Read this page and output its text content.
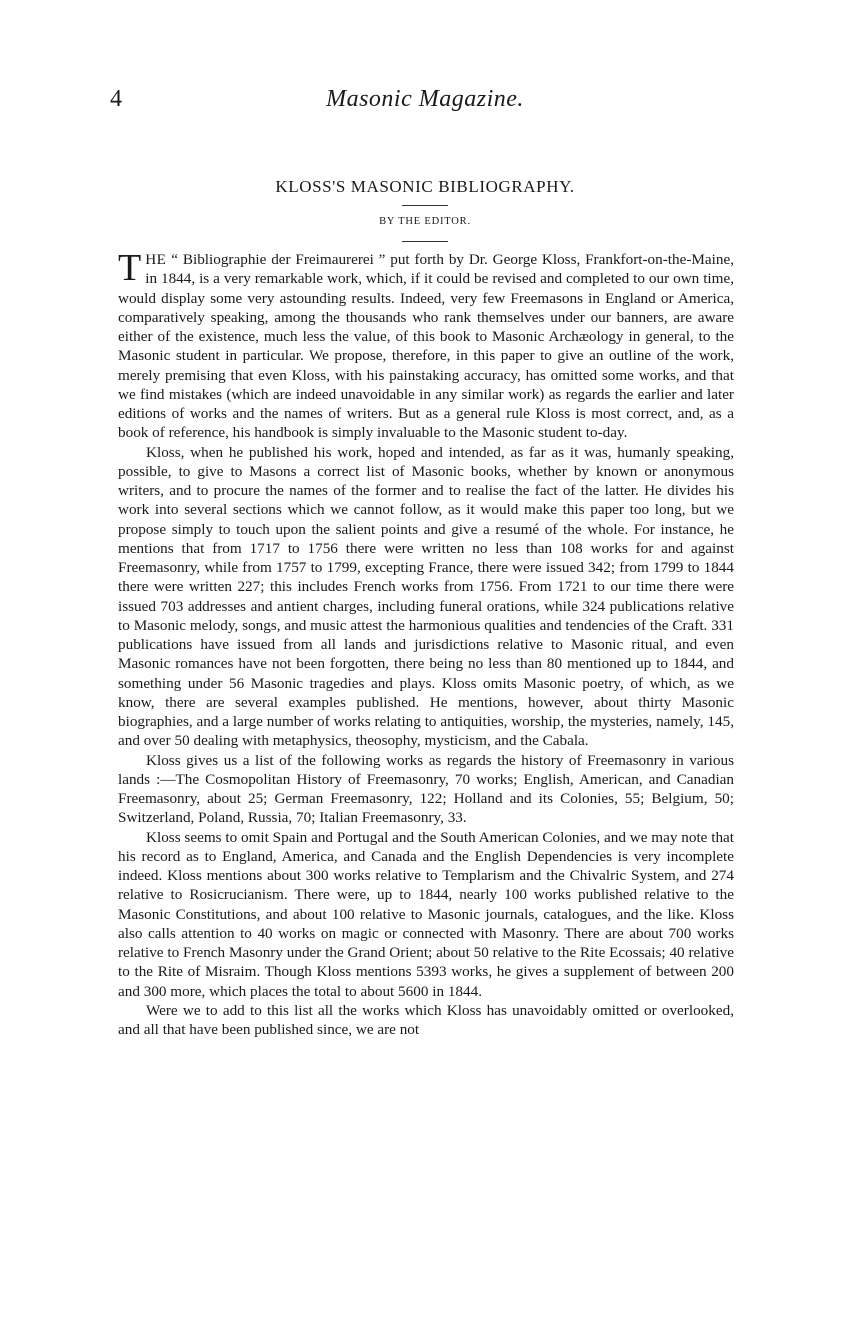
4	Masonic Magazine.
KLOSS'S MASONIC BIBLIOGRAPHY.
BY THE EDITOR.

THE “ Bibliographie der Freimaurerei ” put forth by Dr. George Kloss, Frankfort-on-the-Maine, in 1844, is a very remarkable work, which, if it could be revised and completed to our own time, would display some very astounding results. Indeed, very few Freemasons in England or America, comparatively speaking, among the thousands who rank themselves under our banners, are aware either of the existence, much less the value, of this book to Masonic Archæology in general, to the Masonic student in particular. We propose, therefore, in this paper to give an outline of the work, merely premising that even Kloss, with his painstaking accuracy, has omitted some works, and that we find mistakes (which are indeed unavoidable in any similar work) as regards the earlier and later editions of works and the names of writers. But as a general rule Kloss is most correct, and, as a book of reference, his handbook is simply invaluable to the Masonic student to-day.

Kloss, when he published his work, hoped and intended, as far as it was, humanly speaking, possible, to give to Masons a correct list of Masonic books, whether by known or anonymous writers, and to procure the names of the former and to realise the fact of the latter. He divides his work into several sections which we cannot follow, as it would make this paper too long, but we propose simply to touch upon the salient points and give a resumé of the whole. For instance, he mentions that from 1717 to 1756 there were written no less than 108 works for and against Freemasonry, while from 1757 to 1799, excepting France, there were issued 342; from 1799 to 1844 there were written 227; this includes French works from 1756. From 1721 to our time there were issued 703 addresses and antient charges, including funeral orations, while 324 publications relative to Masonic melody, songs, and music attest the harmonious qualities and tendencies of the Craft. 331 publications have issued from all lands and jurisdictions relative to Masonic ritual, and even Masonic romances have not been forgotten, there being no less than 80 mentioned up to 1844, and something under 56 Masonic tragedies and plays. Kloss omits Masonic poetry, of which, as we know, there are several examples published. He mentions, however, about thirty Masonic biographies, and a large number of works relating to antiquities, worship, the mysteries, namely, 145, and over 50 dealing with metaphysics, theosophy, mysticism, and the Cabala.

Kloss gives us a list of the following works as regards the history of Freemasonry in various lands :—The Cosmopolitan History of Freemasonry, 70 works; English, American, and Canadian Freemasonry, about 25; German Freemasonry, 122; Holland and its Colonies, 55; Belgium, 50; Switzerland, Poland, Russia, 70; Italian Freemasonry, 33.

Kloss seems to omit Spain and Portugal and the South American Colonies, and we may note that his record as to England, America, and Canada and the English Dependencies is very incomplete indeed. Kloss mentions about 300 works relative to Templarism and the Chivalric System, and 274 relative to Rosicrucianism. There were, up to 1844, nearly 100 works published relative to the Masonic Constitutions, and about 100 relative to Masonic journals, catalogues, and the like. Kloss also calls attention to 40 works on magic or connected with Masonry. There are about 700 works relative to French Masonry under the Grand Orient; about 50 relative to the Rite Ecossais; 40 relative to the Rite of Misraim. Though Kloss mentions 5393 works, he gives a supplement of between 200 and 300 more, which places the total to about 5600 in 1844.

Were we to add to this list all the works which Kloss has unavoidably omitted or overlooked, and all that have been published since, we are not
